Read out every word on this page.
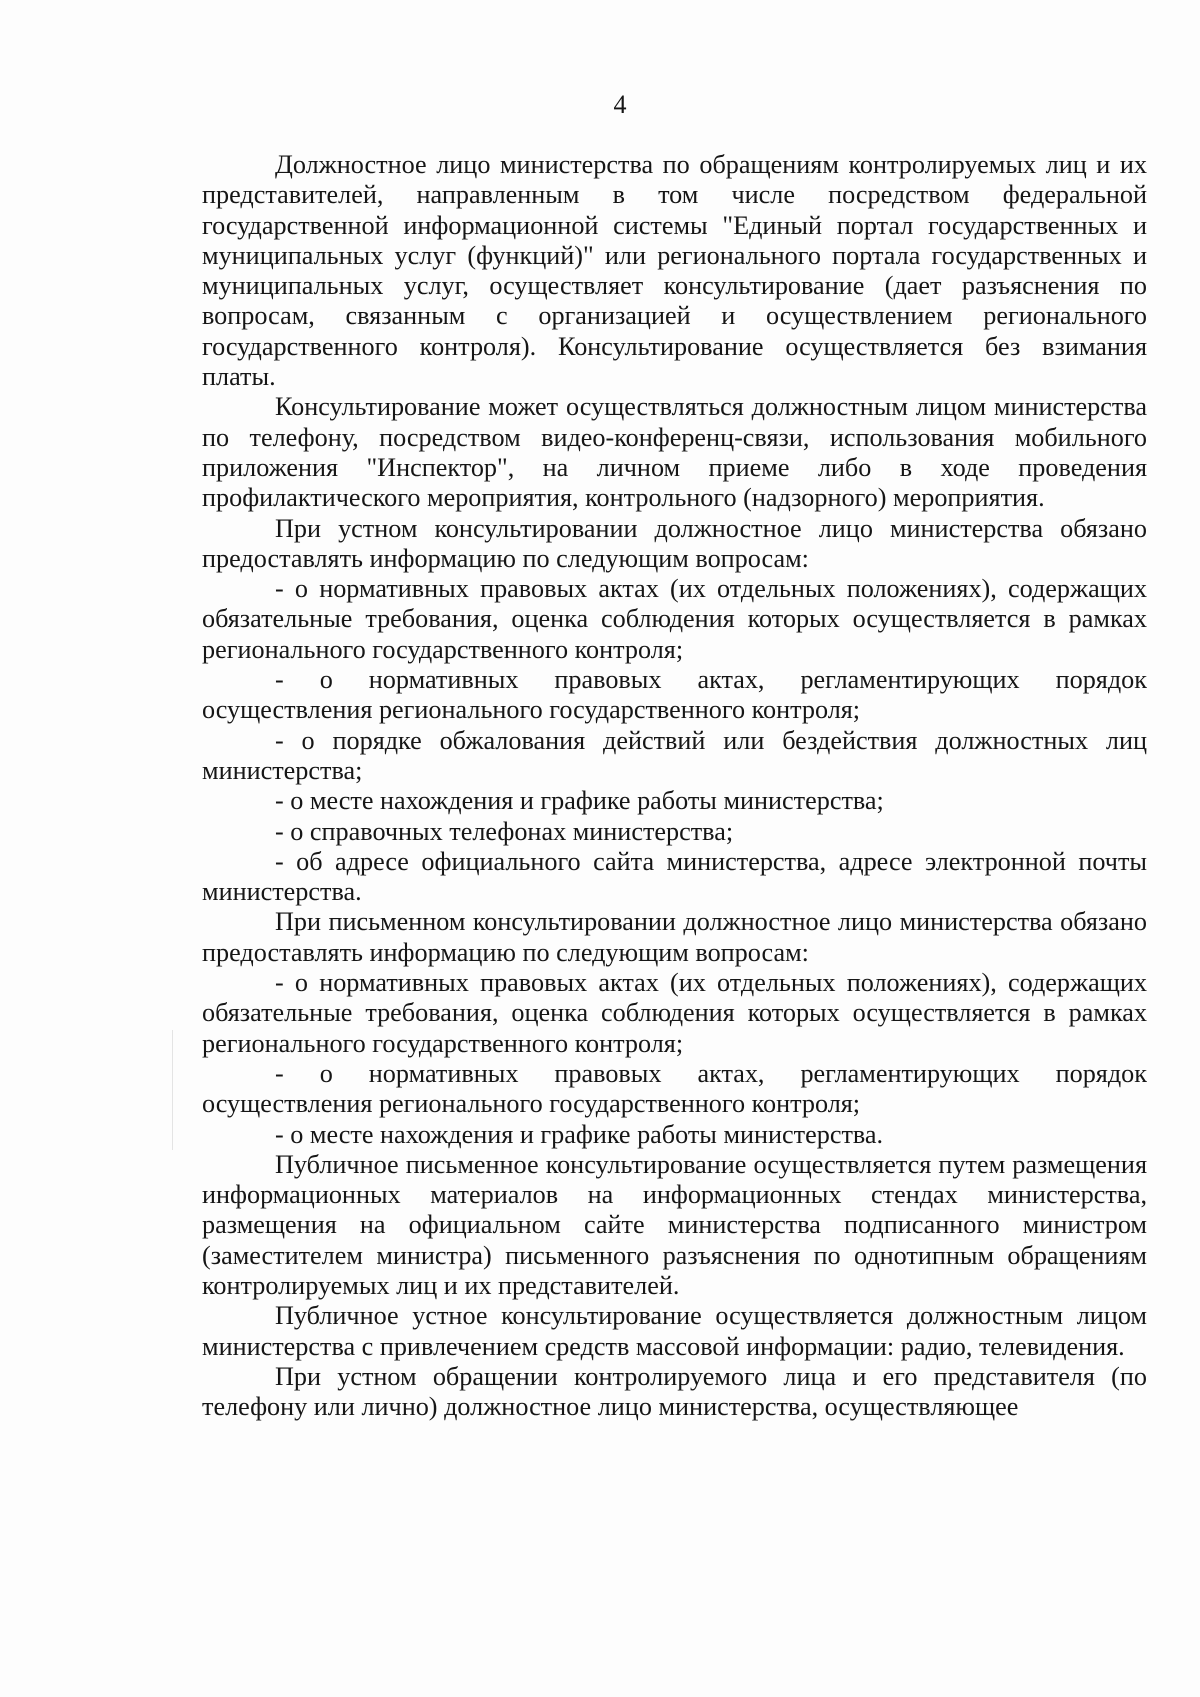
4

Должностное лицо министерства по обращениям контролируемых лиц и их представителей, направленным в том числе посредством федеральной государственной информационной системы "Единый портал государственных и муниципальных услуг (функций)" или регионального портала государственных и муниципальных услуг, осуществляет консультирование (дает разъяснения по вопросам, связанным с организацией и осуществлением регионального государственного контроля). Консультирование осуществляется без взимания платы.

Консультирование может осуществляться должностным лицом министерства по телефону, посредством видео-конференц-связи, использования мобильного приложения "Инспектор", на личном приеме либо в ходе проведения профилактического мероприятия, контрольного (надзорного) мероприятия.

При устном консультировании должностное лицо министерства обязано предоставлять информацию по следующим вопросам:

- о нормативных правовых актах (их отдельных положениях), содержащих обязательные требования, оценка соблюдения которых осуществляется в рамках регионального государственного контроля;

- о нормативных правовых актах, регламентирующих порядок осуществления регионального государственного контроля;

- о порядке обжалования действий или бездействия должностных лиц министерства;

- о месте нахождения и графике работы министерства;

- о справочных телефонах министерства;

- об адресе официального сайта министерства, адресе электронной почты министерства.

При письменном консультировании должностное лицо министерства обязано предоставлять информацию по следующим вопросам:

- о нормативных правовых актах (их отдельных положениях), содержащих обязательные требования, оценка соблюдения которых осуществляется в рамках регионального государственного контроля;

- о нормативных правовых актах, регламентирующих порядок осуществления регионального государственного контроля;

- о месте нахождения и графике работы министерства.

Публичное письменное консультирование осуществляется путем размещения информационных материалов на информационных стендах министерства, размещения на официальном сайте министерства подписанного министром (заместителем министра) письменного разъяснения по однотипным обращениям контролируемых лиц и их представителей.

Публичное устное консультирование осуществляется должностным лицом министерства с привлечением средств массовой информации: радио, телевидения.

При устном обращении контролируемого лица и его представителя (по телефону или лично) должностное лицо министерства, осуществляющее
